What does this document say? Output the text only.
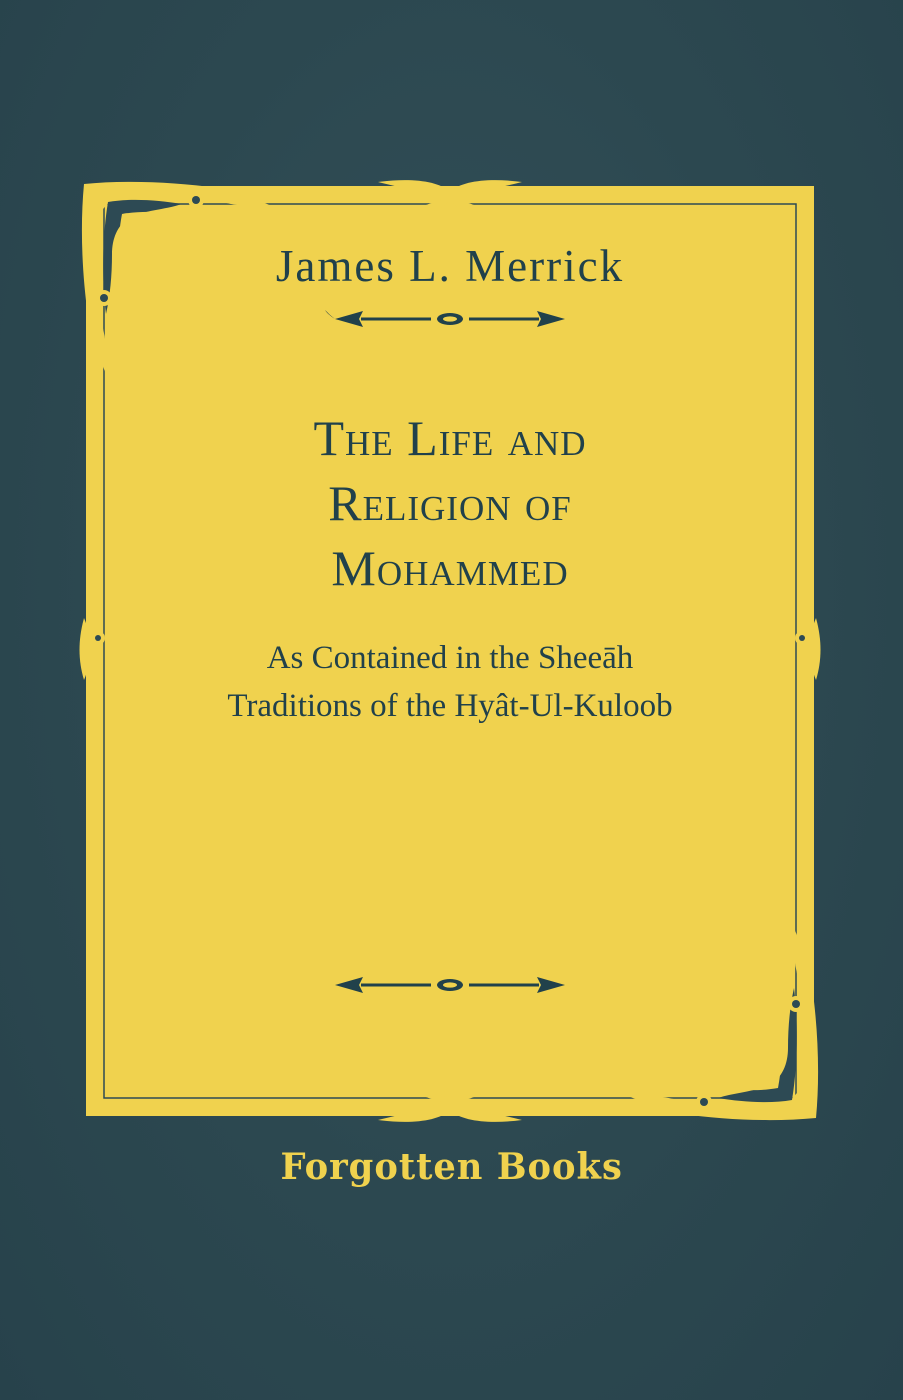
James L. Merrick
The Life and
Religion of
Mohammed
As Contained in the Sheeāh
Traditions of the Hyât-Ul-Kuloob
Forgotten Books
